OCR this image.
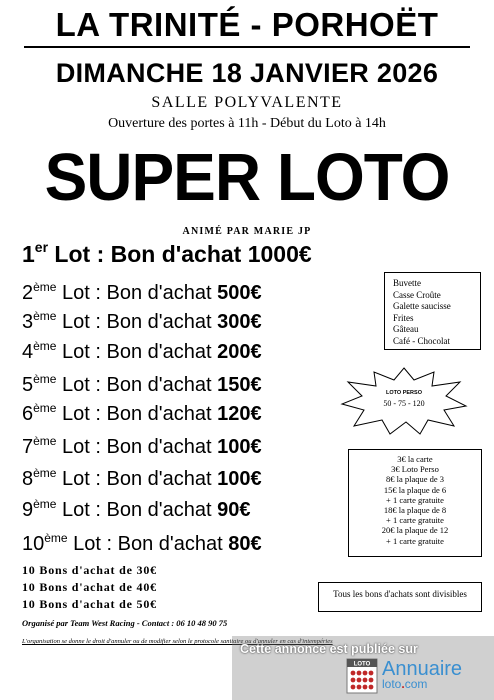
LA TRINITÉ - PORHOËT
DIMANCHE 18 JANVIER 2026
SALLE POLYVALENTE
Ouverture des portes à 11h - Début du Loto à 14h
SUPER LOTO
ANIMÉ PAR MARIE JP
1er Lot : Bon d'achat 1000€
2ème Lot : Bon d'achat 500€
3ème Lot : Bon d'achat 300€
4ème Lot : Bon d'achat 200€
5ème Lot : Bon d'achat 150€
6ème Lot : Bon d'achat 120€
7ème Lot : Bon d'achat 100€
8ème Lot : Bon d'achat 100€
9ème Lot : Bon d'achat 90€
10ème Lot : Bon d'achat 80€
10 Bons d'achat de 30€
10 Bons d'achat de 40€
10 Bons d'achat de 50€
Buvette
Casse Croûte
Galette saucisse
Frites
Gâteau
Café - Chocolat
LOTO PERSO
50 - 75 - 120
3€ la carte
3€ Loto Perso
8€ la plaque de 3
15€ la plaque de 6
+ 1 carte gratuite
18€ la plaque de 8
+ 1 carte gratuite
20€ la plaque de 12
+ 1 carte gratuite
Tous les bons d'achats sont divisibles
Organisé par Team West Racing - Contact : 06 10 48 90 75
L'organisation se donne le droit d'annuler ou de modifier selon le protocole sanitaire ou d'annuler en cas d'intempéries
Cette annonce est publiée sur
LOTO Annuaire
loto.com
